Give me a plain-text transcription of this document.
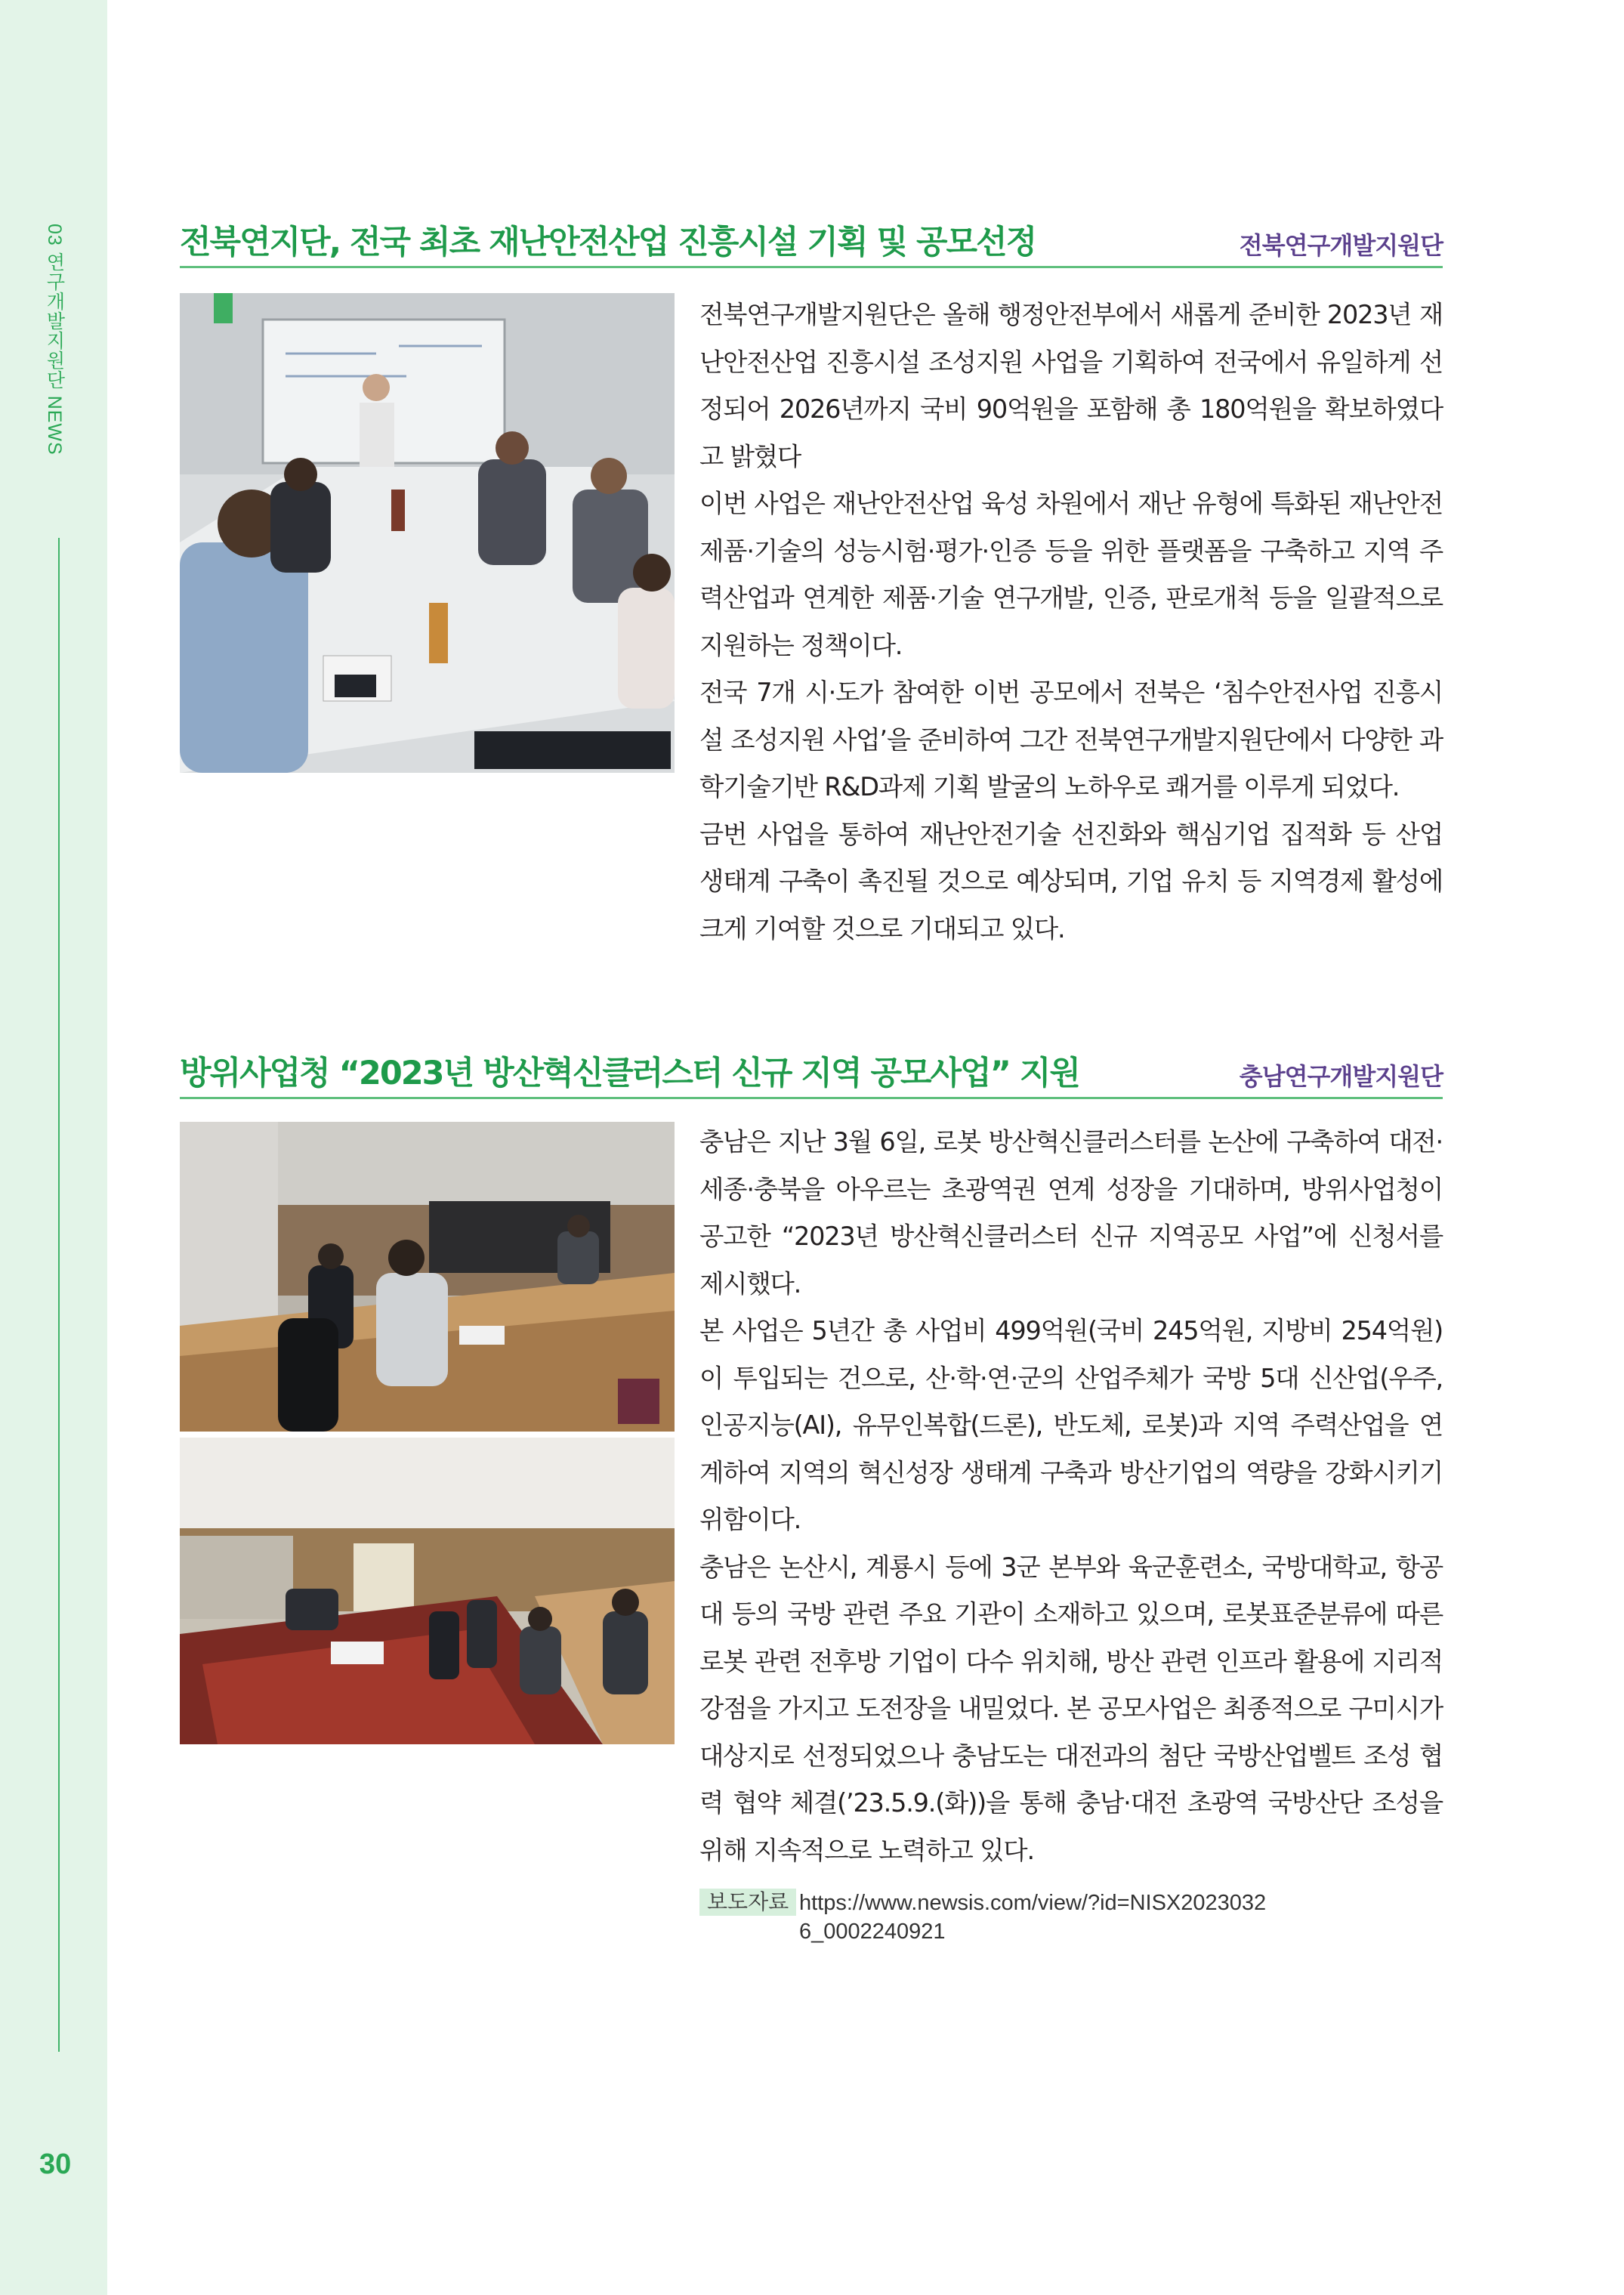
03 연구개발지원단 NEWS
30
전북연지단, 전국 최초 재난안전산업 진흥시설 기획 및 공모선정	전북연구개발지원단

전북연구개발지원단은 올해 행정안전부에서 새롭게 준비한 2023년 재난안전산업 진흥시설 조성지원 사업을 기획하여 전국에서 유일하게 선정되어 2026년까지 국비 90억원을 포함해 총 180억원을 확보하였다고 밝혔다

이번 사업은 재난안전산업 육성 차원에서 재난 유형에 특화된 재난안전 제품·기술의 성능시험·평가·인증 등을 위한 플랫폼을 구축하고 지역 주력산업과 연계한 제품·기술 연구개발, 인증, 판로개척 등을 일괄적으로 지원하는 정책이다.

전국 7개 시·도가 참여한 이번 공모에서 전북은 ‘침수안전사업 진흥시설 조성지원 사업’을 준비하여 그간 전북연구개발지원단에서 다양한 과학기술기반 R&D과제 기획 발굴의 노하우로 쾌거를 이루게 되었다.

금번 사업을 통하여 재난안전기술 선진화와 핵심기업 집적화 등 산업 생태계 구축이 촉진될 것으로 예상되며, 기업 유치 등 지역경제 활성에 크게 기여할 것으로 기대되고 있다.

방위사업청 “2023년 방산혁신클러스터 신규 지역 공모사업” 지원	충남연구개발지원단

충남은 지난 3월 6일, 로봇 방산혁신클러스터를 논산에 구축하여 대전·세종·충북을 아우르는 초광역권 연계 성장을 기대하며, 방위사업청이 공고한 “2023년 방산혁신클러스터 신규 지역공모 사업”에 신청서를 제시했다.

본 사업은 5년간 총 사업비 499억원(국비 245억원, 지방비 254억원)이 투입되는 건으로, 산·학·연·군의 산업주체가 국방 5대 신산업(우주, 인공지능(AI), 유무인복합(드론), 반도체, 로봇)과 지역 주력산업을 연계하여 지역의 혁신성장 생태계 구축과 방산기업의 역량을 강화시키기 위함이다.

충남은 논산시, 계룡시 등에 3군 본부와 육군훈련소, 국방대학교, 항공대 등의 국방 관련 주요 기관이 소재하고 있으며, 로봇표준분류에 따른 로봇 관련 전후방 기업이 다수 위치해, 방산 관련 인프라 활용에 지리적 강점을 가지고 도전장을 내밀었다. 본 공모사업은 최종적으로 구미시가 대상지로 선정되었으나 충남도는 대전과의 첨단 국방산업벨트 조성 협력 협약 체결(’23.5.9.(화))을 통해 충남·대전 초광역 국방산단 조성을 위해 지속적으로 노력하고 있다.

보도자료 https://www.newsis.com/view/?id=NISX20230326_0002240921
